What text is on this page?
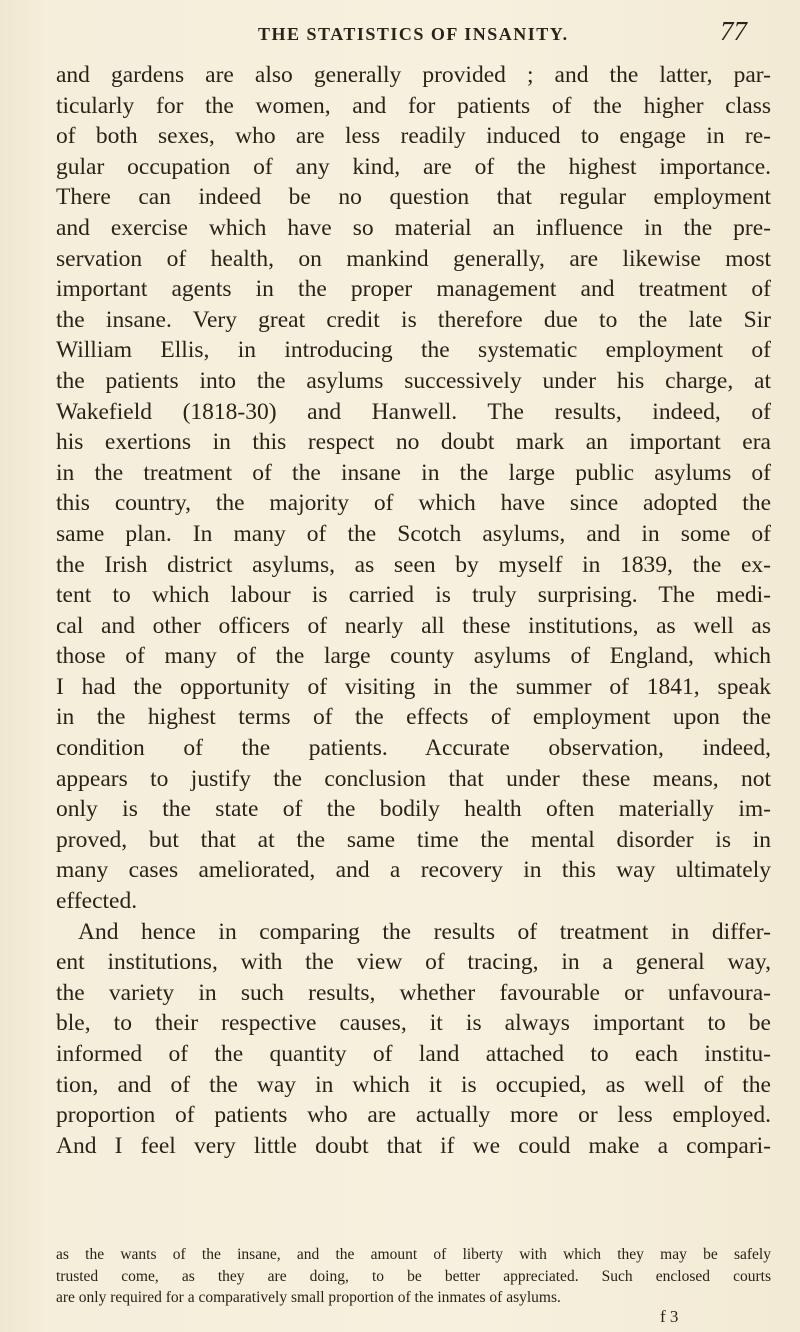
THE STATISTICS OF INSANITY.	77
and gardens are also generally provided ; and the latter, par-
ticularly for the women, and for patients of the higher class
of both sexes, who are less readily induced to engage in re-
gular occupation of any kind, are of the highest importance.
There can indeed be no question that regular employment
and exercise which have so material an influence in the pre-
servation of health, on mankind generally, are likewise most
important agents in the proper management and treatment of
the insane. Very great credit is therefore due to the late Sir
William Ellis, in introducing the systematic employment of
the patients into the asylums successively under his charge, at
Wakefield (1818-30) and Hanwell. The results, indeed, of
his exertions in this respect no doubt mark an important era
in the treatment of the insane in the large public asylums of
this country, the majority of which have since adopted the
same plan. In many of the Scotch asylums, and in some of
the Irish district asylums, as seen by myself in 1839, the ex-
tent to which labour is carried is truly surprising. The medi-
cal and other officers of nearly all these institutions, as well as
those of many of the large county asylums of England, which
I had the opportunity of visiting in the summer of 1841, speak
in the highest terms of the effects of employment upon the
condition of the patients. Accurate observation, indeed,
appears to justify the conclusion that under these means, not
only is the state of the bodily health often materially im-
proved, but that at the same time the mental disorder is in
many cases ameliorated, and a recovery in this way ultimately
effected.
And hence in comparing the results of treatment in differ-
ent institutions, with the view of tracing, in a general way,
the variety in such results, whether favourable or unfavoura-
ble, to their respective causes, it is always important to be
informed of the quantity of land attached to each institu-
tion, and of the way in which it is occupied, as well of the
proportion of patients who are actually more or less employed.
And I feel very little doubt that if we could make a compari-
as the wants of the insane, and the amount of liberty with which they may be safely
trusted come, as they are doing, to be better appreciated. Such enclosed courts
are only required for a comparatively small proportion of the inmates of asylums.
f 3
